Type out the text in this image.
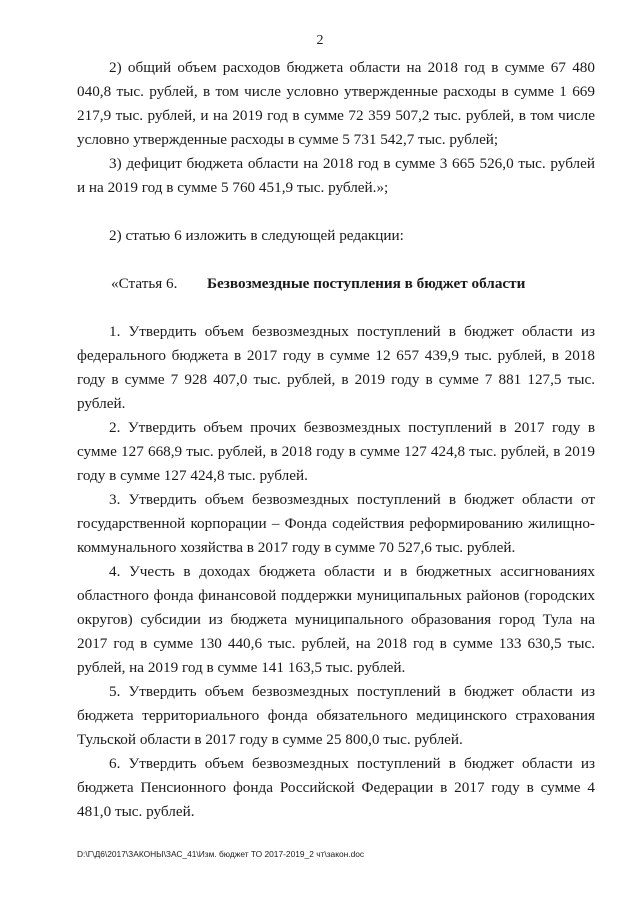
2

2) общий объем расходов бюджета области на 2018 год в сумме 67 480 040,8 тыс. рублей, в том числе условно утвержденные расходы в сумме 1 669 217,9 тыс. рублей, и на 2019 год в сумме 72 359 507,2 тыс. рублей, в том числе условно утвержденные расходы в сумме 5 731 542,7 тыс. рублей;

3) дефицит бюджета области на 2018 год в сумме 3 665 526,0 тыс. рублей и на 2019 год в сумме 5 760 451,9 тыс. рублей.»;

2) статью 6 изложить в следующей редакции:

«Статья 6. Безвозмездные поступления в бюджет области

1. Утвердить объем безвозмездных поступлений в бюджет области из федерального бюджета в 2017 году в сумме 12 657 439,9 тыс. рублей, в 2018 году в сумме 7 928 407,0 тыс. рублей, в 2019 году в сумме 7 881 127,5 тыс. рублей.

2. Утвердить объем прочих безвозмездных поступлений в 2017 году в сумме 127 668,9 тыс. рублей, в 2018 году в сумме 127 424,8 тыс. рублей, в 2019 году в сумме 127 424,8 тыс. рублей.

3. Утвердить объем безвозмездных поступлений в бюджет области от государственной корпорации – Фонда содействия реформированию жилищно-коммунального хозяйства в 2017 году в сумме 70 527,6 тыс. рублей.

4. Учесть в доходах бюджета области и в бюджетных ассигнованиях областного фонда финансовой поддержки муниципальных районов (городских округов) субсидии из бюджета муниципального образования город Тула на 2017 год в сумме 130 440,6 тыс. рублей, на 2018 год в сумме 133 630,5 тыс. рублей, на 2019 год в сумме 141 163,5 тыс. рублей.

5. Утвердить объем безвозмездных поступлений в бюджет области из бюджета территориального фонда обязательного медицинского страхования Тульской области в 2017 году в сумме 25 800,0 тыс. рублей.

6. Утвердить объем безвозмездных поступлений в бюджет области из бюджета Пенсионного фонда Российской Федерации в 2017 году в сумме 4 481,0 тыс. рублей.

D:\Г\Д6\2017\ЗАКОНЫ\ЗАС_41\Изм. бюджет ТО 2017-2019_2 чт\закон.doc
